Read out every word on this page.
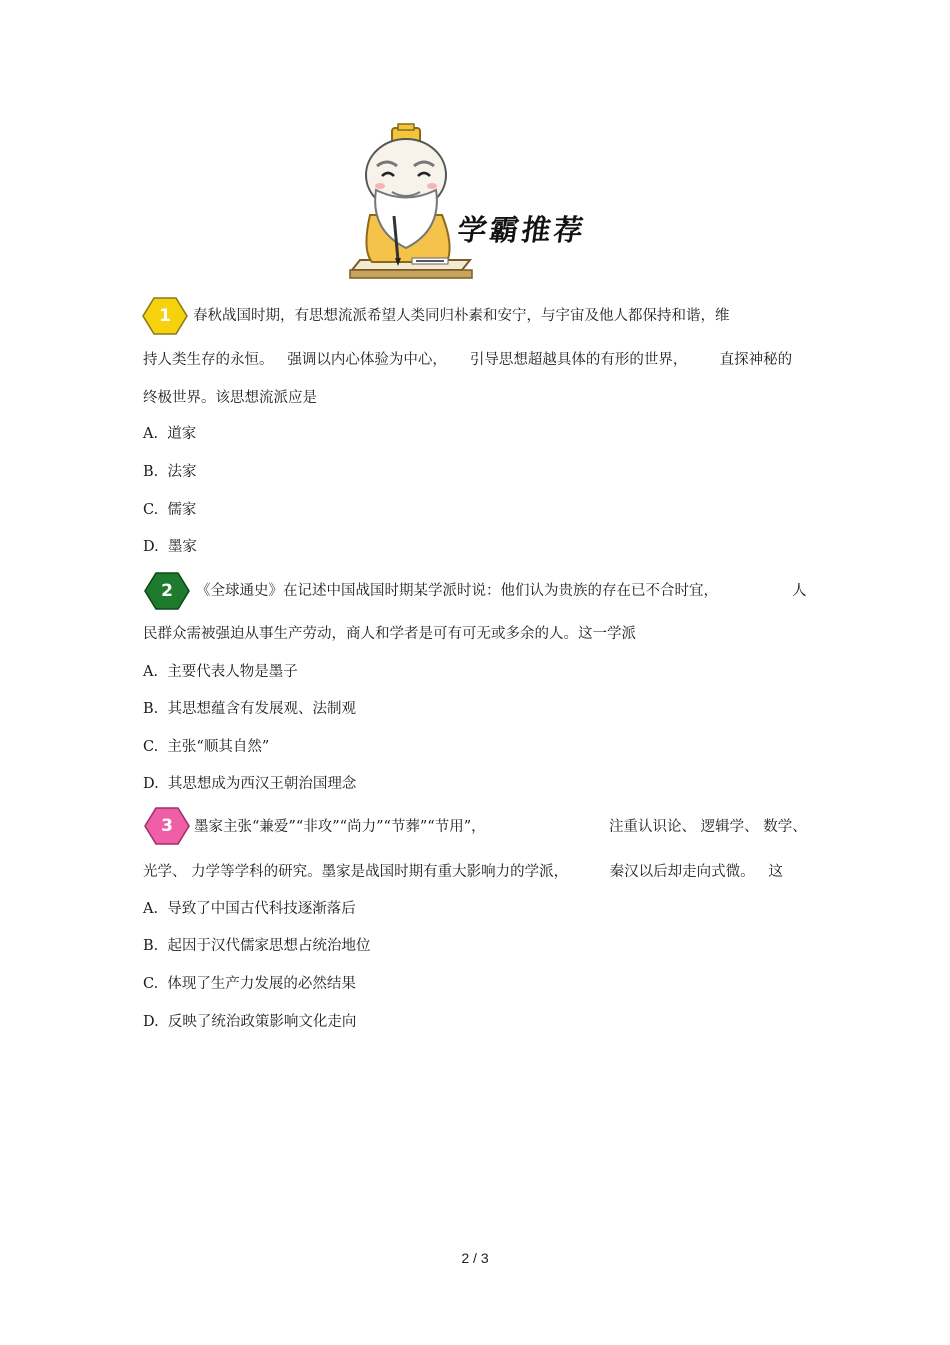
学霸推荐
1	春秋战国时期，有思想流派希望人类同归朴素和安宁，与宇宙及他人都保持和谐，维
持人类生存的永恒。   强调以内心体验为中心，     引导思想超越具体的有形的世界，       直探神秘的
终极世界。该思想流派应是
A.  道家
B.  法家
C.  儒家
D.  墨家
2	《全球通史》在记述中国战国时期某学派时说：他们认为贵族的存在已不合时宜，	人
民群众需被强迫从事生产劳动，商人和学者是可有可无或多余的人。这一学派
A.  主要代表人物是墨子
B.  其思想蕴含有发展观、法制观
C.  主张“顺其自然”
D.  其思想成为西汉王朝治国理念
3	墨家主张“兼爱”“非攻”“尚力”“节葬”“节用”，	注重认识论、 逻辑学、 数学、
光学、 力学等学科的研究。墨家是战国时期有重大影响力的学派，         秦汉以后却走向式微。   这
A.  导致了中国古代科技逐渐落后
B.  起因于汉代儒家思想占统治地位
C.  体现了生产力发展的必然结果
D.  反映了统治政策影响文化走向
2 / 3
